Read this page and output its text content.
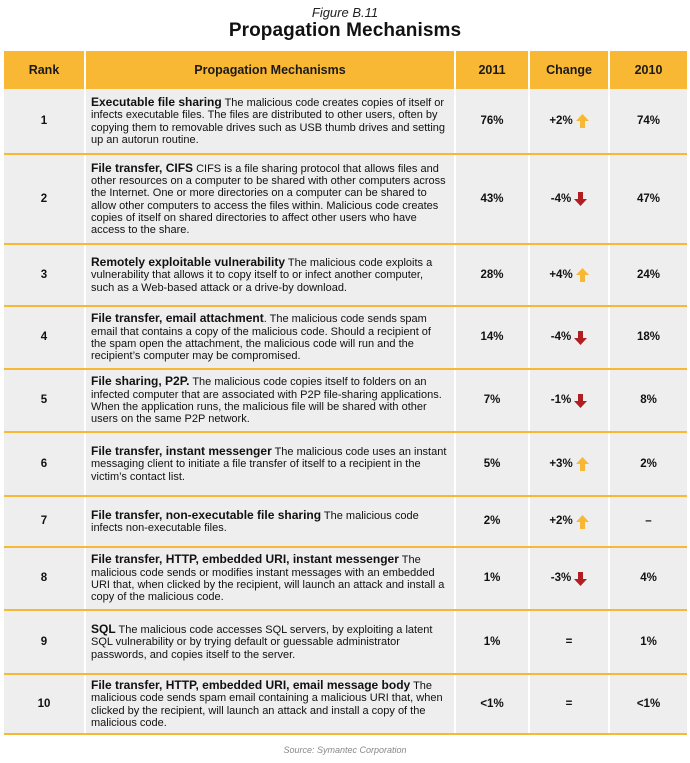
Figure B.11
Propagation Mechanisms
Rank	Propagation Mechanisms	2011	Change	2010
1	Executable file sharing The malicious code creates copies of itself or infects executable files. The files are distributed to other users, often by copying them to removable drives such as USB thumb drives and setting up an autorun routine.	76%	+2%	74%
2	File transfer, CIFS CIFS is a file sharing protocol that allows files and other resources on a computer to be shared with other computers across the Internet. One or more directories on a computer can be shared to allow other computers to access the files within. Malicious code creates copies of itself on shared directories to affect other users who have access to the share.	43%	-4%	47%
3	Remotely exploitable vulnerability The malicious code exploits a vulnerability that allows it to copy itself to or infect another computer, such as a Web-based attack or a drive-by download.	28%	+4%	24%
4	File transfer, email attachment. The malicious code sends spam email that contains a copy of the malicious code. Should a recipient of the spam open the attachment, the malicious code will run and the recipient’s computer may be compromised.	14%	-4%	18%
5	File sharing, P2P. The malicious code copies itself to folders on an infected computer that are associated with P2P file-sharing applications. When the application runs, the malicious file will be shared with other users on the same P2P network.	7%	-1%	8%
6	File transfer, instant messenger The malicious code uses an instant messaging client to initiate a file transfer of itself to a recipient in the victim’s contact list.	5%	+3%	2%
7	File transfer, non-executable file sharing The malicious code infects non-executable files.	2%	+2%	–
8	File transfer, HTTP, embedded URI, instant messenger The malicious code sends or modifies instant messages with an embedded URI that, when clicked by the recipient, will launch an attack and install a copy of the malicious code.	1%	-3%	4%
9	SQL The malicious code accesses SQL servers, by exploiting a latent SQL vulnerability or by trying default or guessable administrator passwords, and copies itself to the server.	1%	=	1%
10	File transfer, HTTP, embedded URI, email message body The malicious code sends spam email containing a malicious URI that, when clicked by the recipient, will launch an attack and install a copy of the malicious code.	<1%	=	<1%
Source: Symantec Corporation
